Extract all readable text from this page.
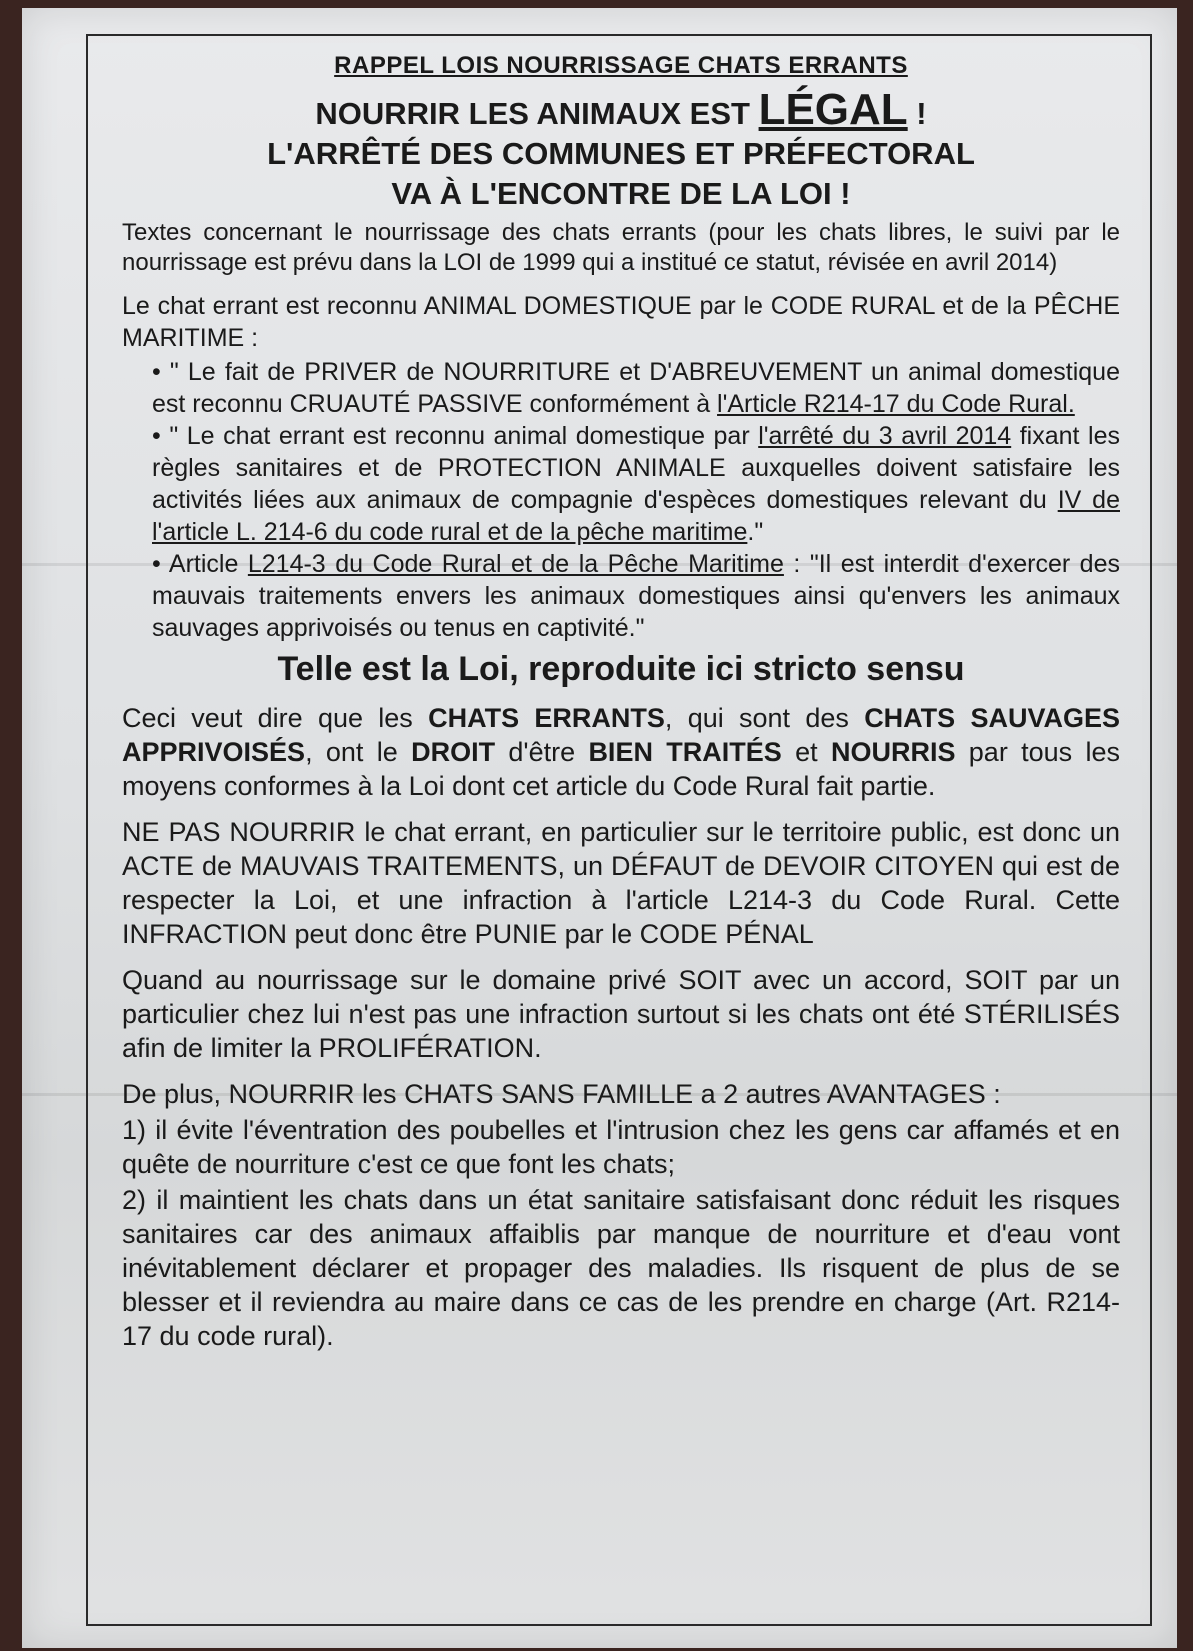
RAPPEL LOIS NOURRISSAGE CHATS ERRANTS

NOURRIR LES ANIMAUX EST LÉGAL !

L'ARRÊTÉ DES COMMUNES ET PRÉFECTORAL

VA À L'ENCONTRE DE LA LOI !

Textes concernant le nourrissage des chats errants (pour les chats libres, le suivi par le nourrissage est prévu dans la LOI de 1999 qui a institué ce statut, révisée en avril 2014)

Le chat errant est reconnu ANIMAL DOMESTIQUE par le CODE RURAL et de la PÊCHE MARITIME :

• " Le fait de PRIVER de NOURRITURE et D'ABREUVEMENT un animal domestique est reconnu CRUAUTÉ PASSIVE conformément à l'Article R214-17 du Code Rural.
• " Le chat errant est reconnu animal domestique par l'arrêté du 3 avril 2014 fixant les règles sanitaires et de PROTECTION ANIMALE auxquelles doivent satisfaire les activités liées aux animaux de compagnie d'espèces domestiques relevant du IV de l'article L. 214-6 du code rural et de la pêche maritime."
• Article L214-3 du Code Rural et de la Pêche Maritime : "Il est interdit d'exercer des mauvais traitements envers les animaux domestiques ainsi qu'envers les animaux sauvages apprivoisés ou tenus en captivité."
Telle est la Loi, reproduite ici stricto sensu

Ceci veut dire que les CHATS ERRANTS, qui sont des CHATS SAUVAGES APPRIVOISÉS, ont le DROIT d'être BIEN TRAITÉS et NOURRIS par tous les moyens conformes à la Loi dont cet article du Code Rural fait partie.

NE PAS NOURRIR le chat errant, en particulier sur le territoire public, est donc un ACTE de MAUVAIS TRAITEMENTS, un DÉFAUT de DEVOIR CITOYEN qui est de respecter la Loi, et une infraction à l'article L214-3 du Code Rural. Cette INFRACTION peut donc être PUNIE par le CODE PÉNAL

Quand au nourrissage sur le domaine privé SOIT avec un accord, SOIT par un particulier chez lui n'est pas une infraction surtout si les chats ont été STÉRILISÉS afin de limiter la PROLIFÉRATION.

De plus, NOURRIR les CHATS SANS FAMILLE a 2 autres AVANTAGES :

1) il évite l'éventration des poubelles et l'intrusion chez les gens car affamés et en quête de nourriture c'est ce que font les chats;

2) il maintient les chats dans un état sanitaire satisfaisant donc réduit les risques sanitaires car des animaux affaiblis par manque de nourriture et d'eau vont inévitablement déclarer et propager des maladies. Ils risquent de plus de se blesser et il reviendra au maire dans ce cas de les prendre en charge (Art. R214-17 du code rural).
